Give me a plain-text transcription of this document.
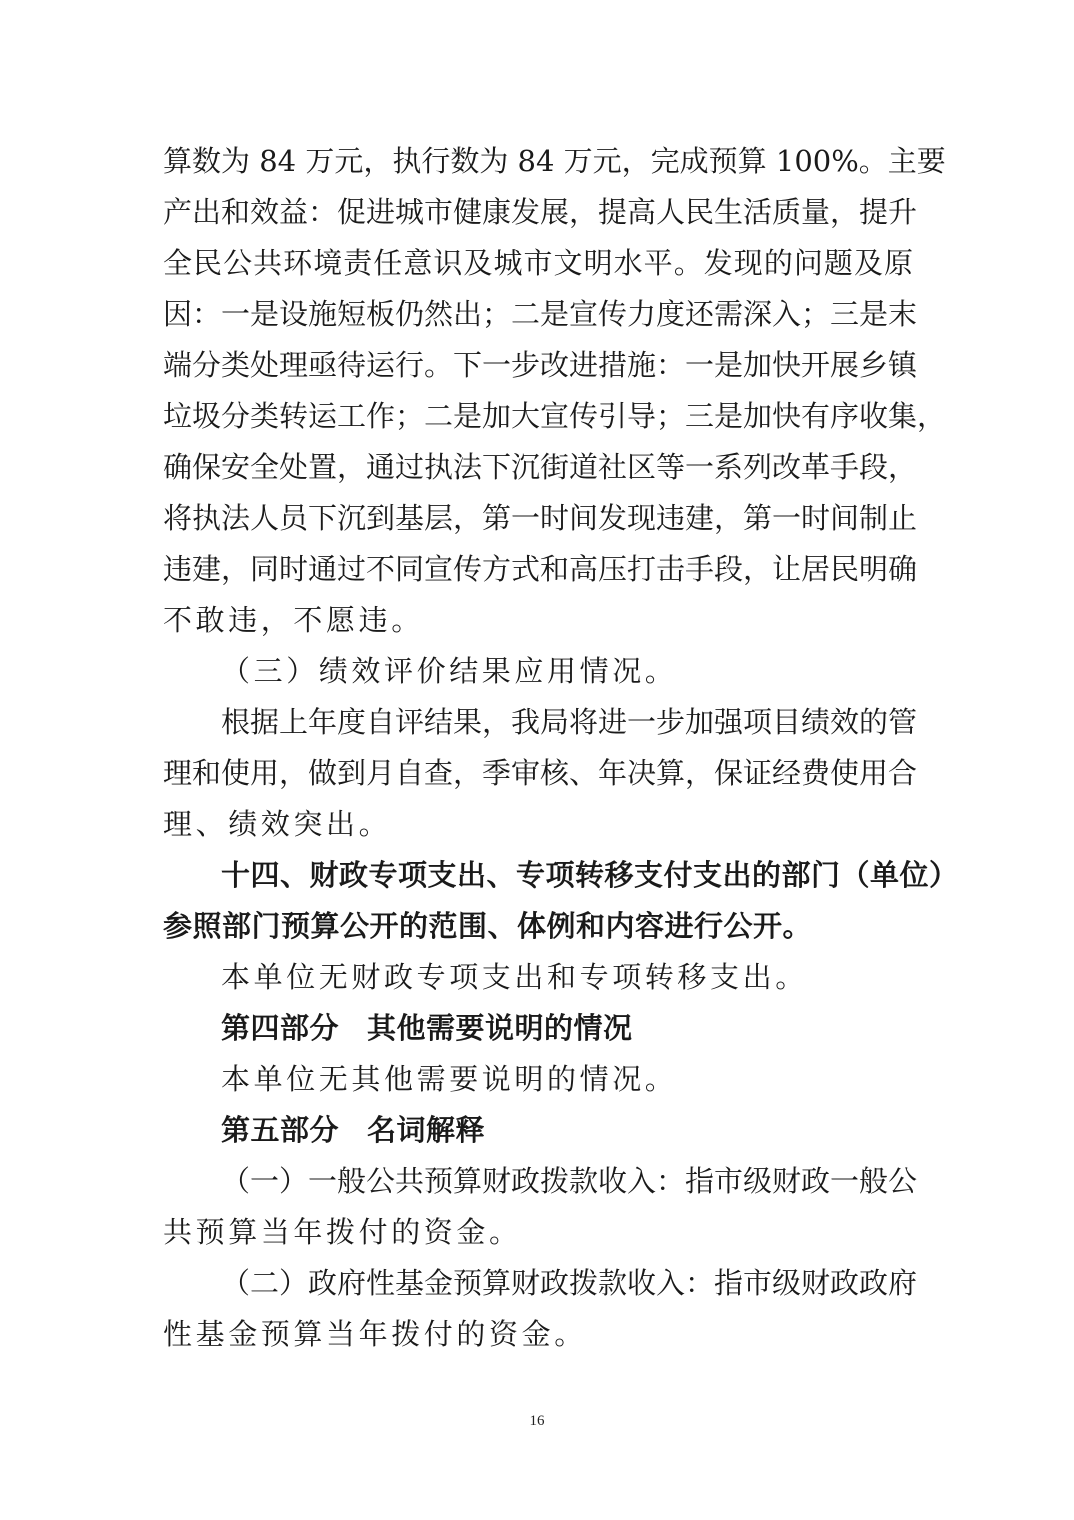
算数为 84 万元，执行数为 84 万元，完成预算 100%。主要
产出和效益：促进城市健康发展，提高人民生活质量，提升
全民公共环境责任意识及城市文明水平。发现的问题及原
因：一是设施短板仍然出；二是宣传力度还需深入；三是末
端分类处理亟待运行。下一步改进措施：一是加快开展乡镇
垃圾分类转运工作；二是加大宣传引导；三是加快有序收集，
确保安全处置，通过执法下沉街道社区等一系列改革手段，
将执法人员下沉到基层，第一时间发现违建，第一时间制止
违建，同时通过不同宣传方式和高压打击手段，让居民明确
不敢违，不愿违。
（三）绩效评价结果应用情况。
根据上年度自评结果，我局将进一步加强项目绩效的管
理和使用，做到月自查，季审核、年决算，保证经费使用合
理、绩效突出。
十四、财政专项支出、专项转移支付支出的部门（单位）
参照部门预算公开的范围、体例和内容进行公开。
本单位无财政专项支出和专项转移支出。
第四部分 其他需要说明的情况
本单位无其他需要说明的情况。
第五部分 名词解释
（一）一般公共预算财政拨款收入：指市级财政一般公
共预算当年拨付的资金。
（二）政府性基金预算财政拨款收入：指市级财政政府
性基金预算当年拨付的资金。
16
